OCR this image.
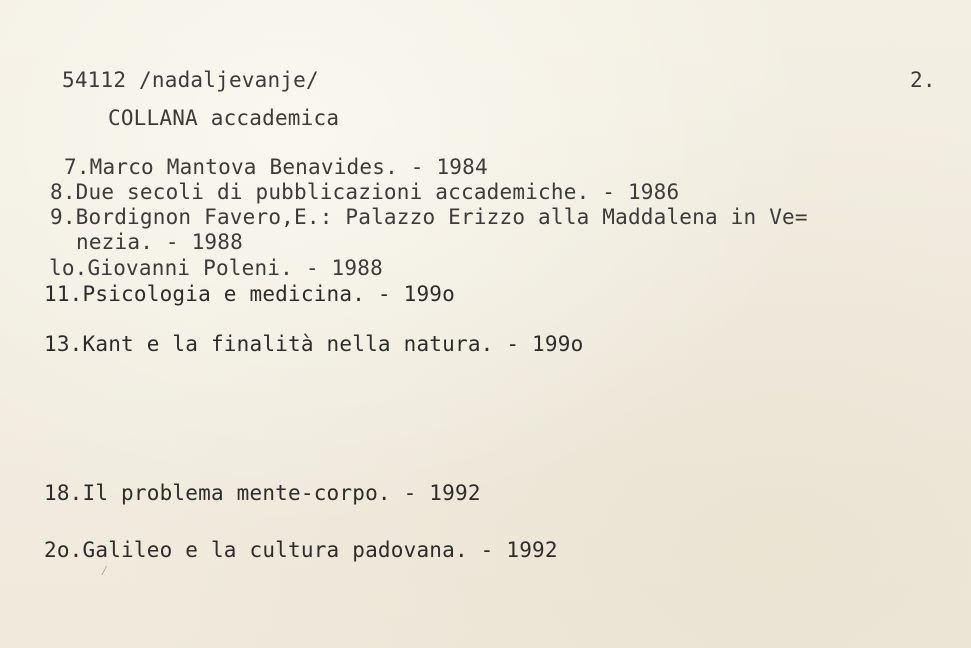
54112 /nadaljevanje/	2.
COLLANA accademica
7.Marco Mantova Benavides. - 1984
8.Due secoli di pubblicazioni accademiche. - 1986
9.Bordignon Favero,E.: Palazzo Erizzo alla Maddalena in Ve=
nezia. - 1988
lo.Giovanni Poleni. - 1988
11.Psicologia e medicina. - 199o
13.Kant e la finalità nella natura. - 199o
18.Il problema mente-corpo. - 1992
2o.Galileo e la cultura padovana. - 1992
⁄
